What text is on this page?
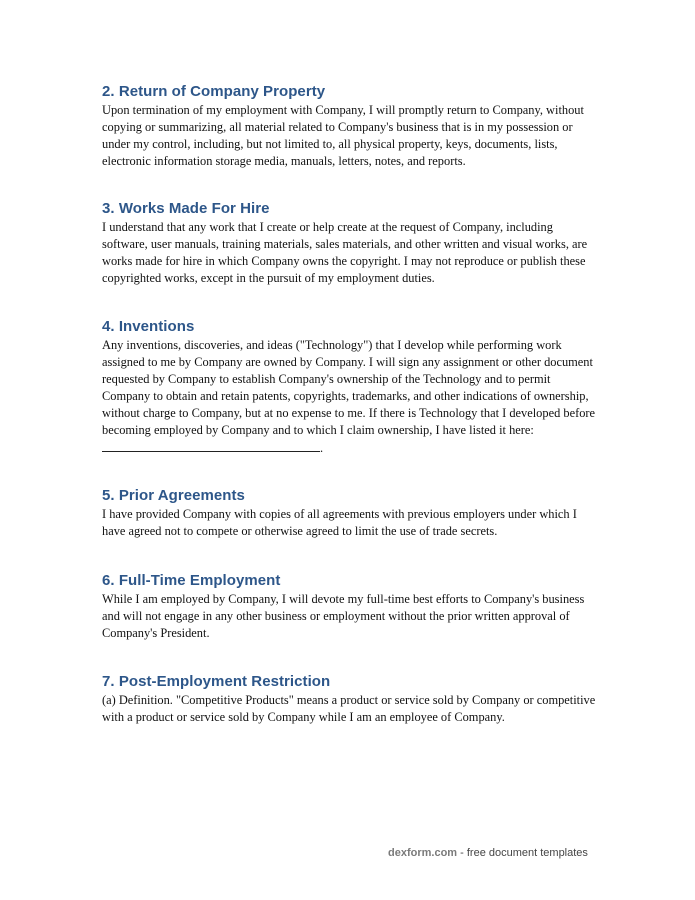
2. Return of Company Property

Upon termination of my employment with Company, I will promptly return to Company, without copying or summarizing, all material related to Company's business that is in my possession or under my control, including, but not limited to, all physical property, keys, documents, lists, electronic information storage media, manuals, letters, notes, and reports.

3. Works Made For Hire

I understand that any work that I create or help create at the request of Company, including software, user manuals, training materials, sales materials, and other written and visual works, are works made for hire in which Company owns the copyright. I may not reproduce or publish these copyrighted works, except in the pursuit of my employment duties.

4. Inventions

Any inventions, discoveries, and ideas ("Technology") that I develop while performing work assigned to me by Company are owned by Company. I will sign any assignment or other document requested by Company to establish Company's ownership of the Technology and to permit Company to obtain and retain patents, copyrights, trademarks, and other indications of ownership, without charge to Company, but at no expense to me. If there is Technology that I developed before becoming employed by Company and to which I claim ownership, I have listed it here: .

5. Prior Agreements

I have provided Company with copies of all agreements with previous employers under which I have agreed not to compete or otherwise agreed to limit the use of trade secrets.

6. Full-Time Employment

While I am employed by Company, I will devote my full-time best efforts to Company's business and will not engage in any other business or employment without the prior written approval of Company's President.

7. Post-Employment Restriction

(a) Definition. "Competitive Products" means a product or service sold by Company or competitive with a product or service sold by Company while I am an employee of Company.

dexform.com - free document templates
